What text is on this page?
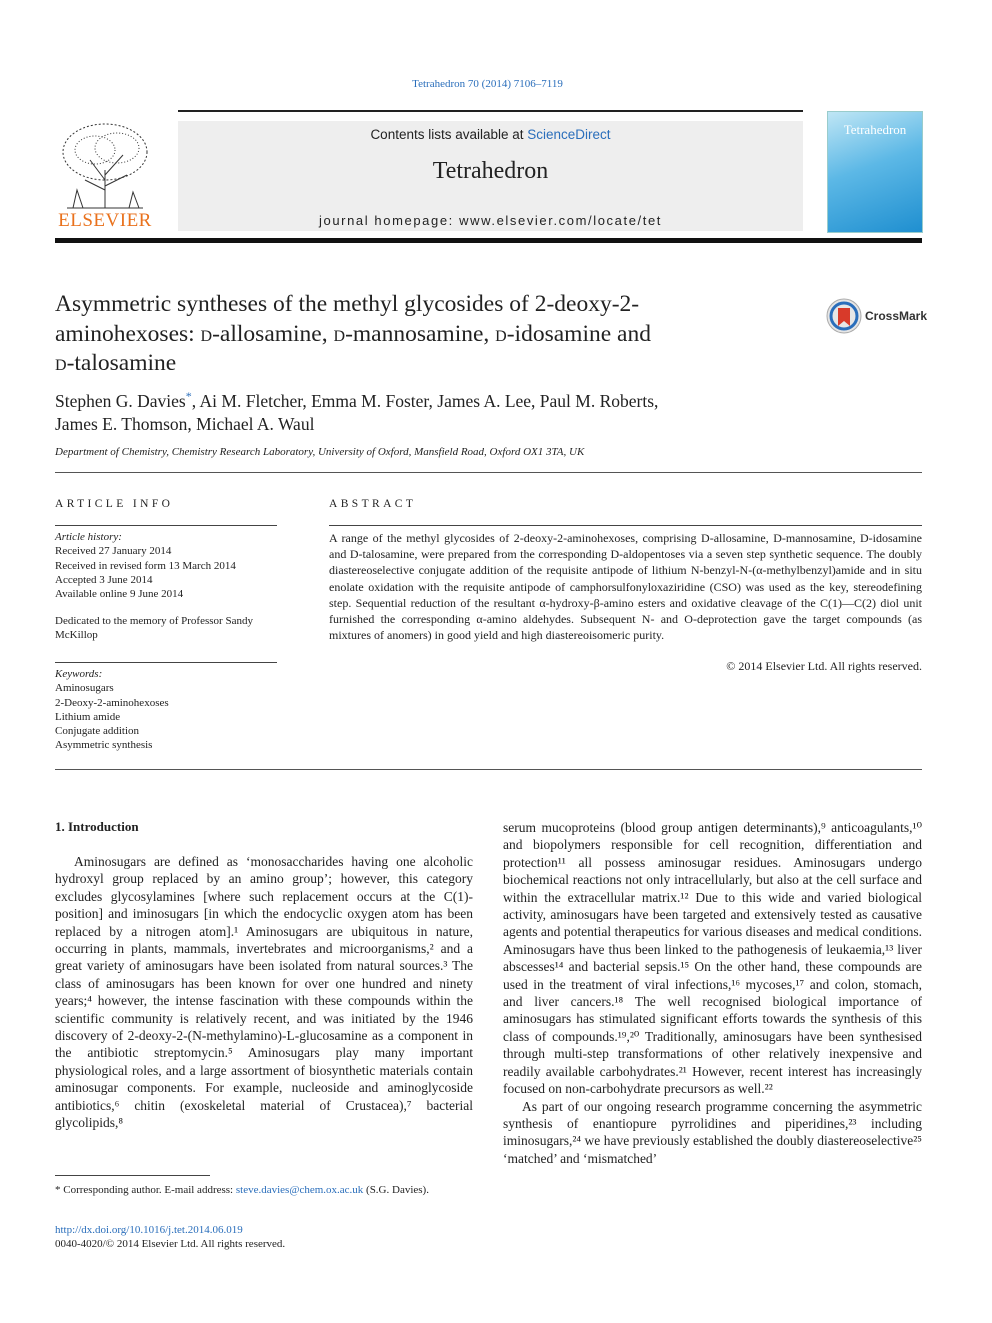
Tetrahedron 70 (2014) 7106–7119
ELSEVIER
Contents lists available at ScienceDirect
Tetrahedron
journal homepage: www.elsevier.com/locate/tet
Tetrahedron
Asymmetric syntheses of the methyl glycosides of 2-deoxy-2-
aminohexoses: d-allosamine, d-mannosamine, d-idosamine and
d-talosamine
CrossMark
Stephen G. Davies*, Ai M. Fletcher, Emma M. Foster, James A. Lee, Paul M. Roberts,
James E. Thomson, Michael A. Waul
Department of Chemistry, Chemistry Research Laboratory, University of Oxford, Mansfield Road, Oxford OX1 3TA, UK
ARTICLE INFO	ABSTRACT
Article history:
Received 27 January 2014
Received in revised form 13 March 2014
Accepted 3 June 2014
Available online 9 June 2014
Dedicated to the memory of Professor Sandy McKillop
Keywords:
Aminosugars
2-Deoxy-2-aminohexoses
Lithium amide
Conjugate addition
Asymmetric synthesis
A range of the methyl glycosides of 2-deoxy-2-aminohexoses, comprising D-allosamine, D-mannosamine, D-idosamine and D-talosamine, were prepared from the corresponding D-aldopentoses via a seven step synthetic sequence. The doubly diastereoselective conjugate addition of the requisite antipode of lithium N-benzyl-N-(α-methylbenzyl)amide and in situ enolate oxidation with the requisite antipode of camphorsulfonyloxaziridine (CSO) was used as the key, stereodefining step. Sequential reduction of the resultant α-hydroxy-β-amino esters and oxidative cleavage of the C(1)—C(2) diol unit furnished the corresponding α-amino aldehydes. Subsequent N- and O-deprotection gave the target compounds (as mixtures of anomers) in good yield and high diastereoisomeric purity.
© 2014 Elsevier Ltd. All rights reserved.
1. Introduction

Aminosugars are defined as ‘monosaccharides having one alcoholic hydroxyl group replaced by an amino group’; however, this category excludes glycosylamines [where such replacement occurs at the C(1)-position] and iminosugars [in which the endocyclic oxygen atom has been replaced by a nitrogen atom].¹ Aminosugars are ubiquitous in nature, occurring in plants, mammals, invertebrates and microorganisms,² and a great variety of aminosugars have been isolated from natural sources.³ The class of aminosugars has been known for over one hundred and ninety years;⁴ however, the intense fascination with these compounds within the scientific community is relatively recent, and was initiated by the 1946 discovery of 2-deoxy-2-(N-methylamino)-L-glucosamine as a component in the antibiotic streptomycin.⁵ Aminosugars play many important physiological roles, and a large assortment of biosynthetic materials contain aminosugar components. For example, nucleoside and aminoglycoside antibiotics,⁶ chitin (exoskeletal material of Crustacea),⁷ bacterial glycolipids,⁸

serum mucoproteins (blood group antigen determinants),⁹ anticoagulants,¹⁰ and biopolymers responsible for cell recognition, differentiation and protection¹¹ all possess aminosugar residues. Aminosugars undergo biochemical reactions not only intracellularly, but also at the cell surface and within the extracellular matrix.¹² Due to this wide and varied biological activity, aminosugars have been targeted and extensively tested as causative agents and potential therapeutics for various diseases and medical conditions. Aminosugars have thus been linked to the pathogenesis of leukaemia,¹³ liver abscesses¹⁴ and bacterial sepsis.¹⁵ On the other hand, these compounds are used in the treatment of viral infections,¹⁶ mycoses,¹⁷ and colon, stomach, and liver cancers.¹⁸ The well recognised biological importance of aminosugars has stimulated significant efforts towards the synthesis of this class of compounds.¹⁹,²⁰ Traditionally, aminosugars have been synthesised through multi-step transformations of other relatively inexpensive and readily available carbohydrates.²¹ However, recent interest has increasingly focused on non-carbohydrate precursors as well.²²

As part of our ongoing research programme concerning the asymmetric synthesis of enantiopure pyrrolidines and piperidines,²³ including iminosugars,²⁴ we have previously established the doubly diastereoselective²⁵ ‘matched’ and ‘mismatched’

* Corresponding author. E-mail address: steve.davies@chem.ox.ac.uk (S.G. Davies).
http://dx.doi.org/10.1016/j.tet.2014.06.019
0040-4020/© 2014 Elsevier Ltd. All rights reserved.
